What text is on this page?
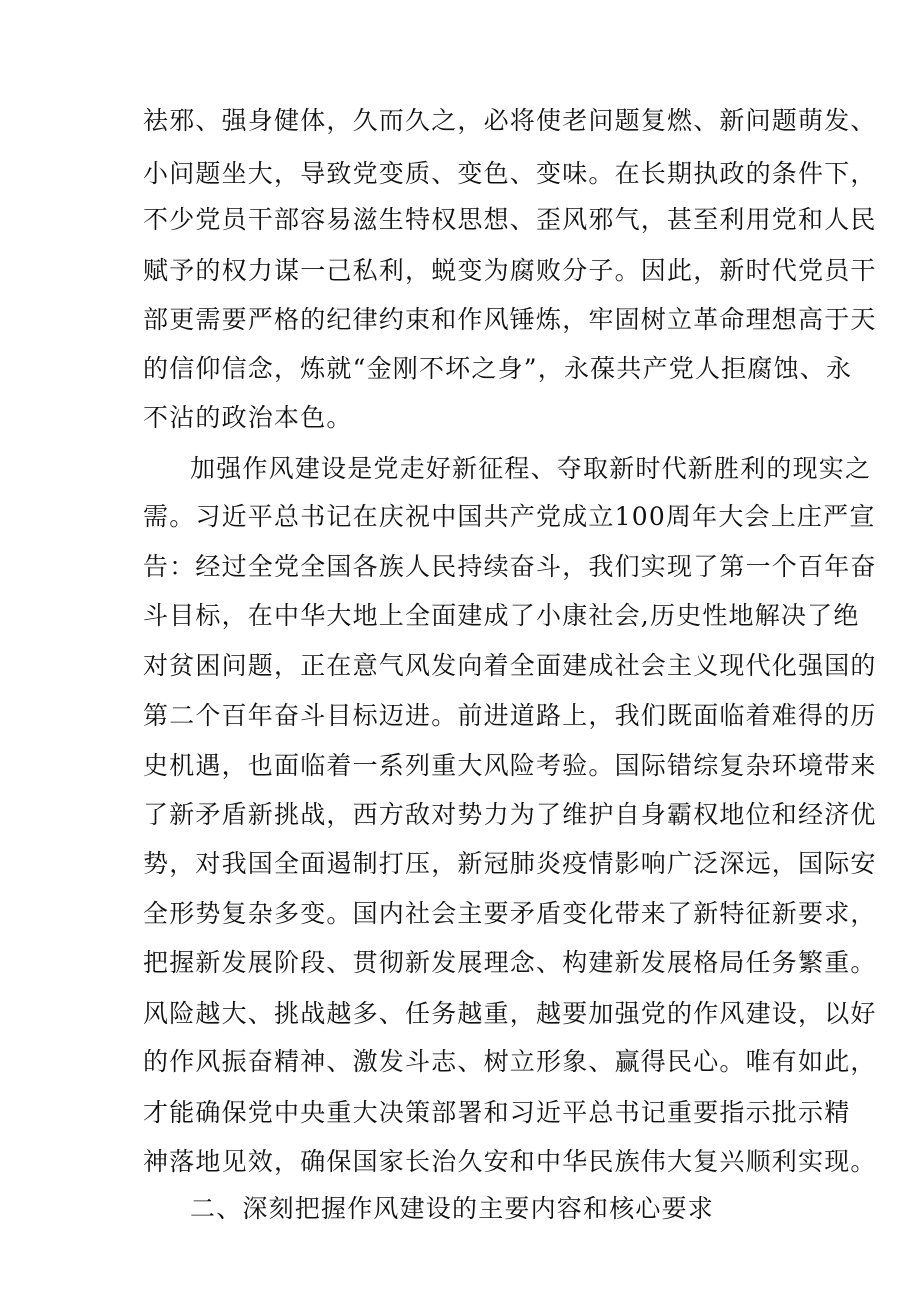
祛邪、强身健体，久而久之，必将使老问题复燃、新问题萌发、
小问题坐大，导致党变质、变色、变味。在长期执政的条件下，
不少党员干部容易滋生特权思想、歪风邪气，甚至利用党和人民
赋予的权力谋一己私利，蜕变为腐败分子。因此，新时代党员干
部更需要严格的纪律约束和作风锤炼，牢固树立革命理想高于天
的信仰信念，炼就“金刚不坏之身”，永葆共产党人拒腐蚀、永
不沾的政治本色。
加强作风建设是党走好新征程、夺取新时代新胜利的现实之
需。习近平总书记在庆祝中国共产党成立100周年大会上庄严宣
告：经过全党全国各族人民持续奋斗，我们实现了第一个百年奋
斗目标，在中华大地上全面建成了小康社会,历史性地解决了绝
对贫困问题，正在意气风发向着全面建成社会主义现代化强国的
第二个百年奋斗目标迈进。前进道路上，我们既面临着难得的历
史机遇，也面临着一系列重大风险考验。国际错综复杂环境带来
了新矛盾新挑战，西方敌对势力为了维护自身霸权地位和经济优
势，对我国全面遏制打压，新冠肺炎疫情影响广泛深远，国际安
全形势复杂多变。国内社会主要矛盾变化带来了新特征新要求，
把握新发展阶段、贯彻新发展理念、构建新发展格局任务繁重。
风险越大、挑战越多、任务越重，越要加强党的作风建设，以好
的作风振奋精神、激发斗志、树立形象、赢得民心。唯有如此，
才能确保党中央重大决策部署和习近平总书记重要指示批示精
神落地见效，确保国家长治久安和中华民族伟大复兴顺利实现。
二、深刻把握作风建设的主要内容和核心要求
